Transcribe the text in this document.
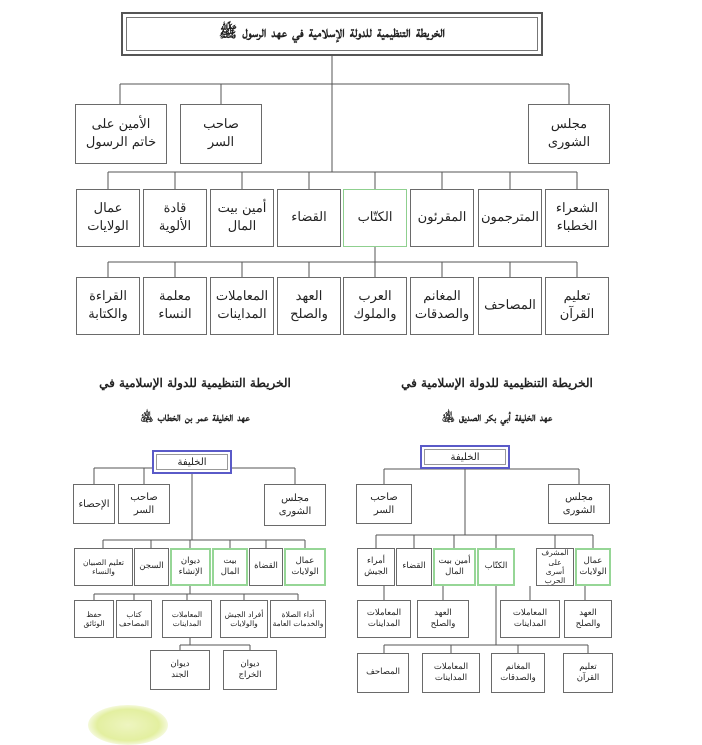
الخريطة التنظيمية للدولة الإسلامية في عهد الرسول ﷺ
مجلس
الشورى
صاحب
السر
الأمين على
خاتم الرسول
الشعراء
الخطباء
المترجمون
المقرئون
الكتّاب
القضاء
أمين بيت
المال
قادة
الألوية
عمال
الولايات
تعليم
القرآن
المصاحف
المغانم
والصدقات
العرب
والملوك
العهد
والصلح
المعاملات
المداينات
معلمة
النساء
القراءة
والكتابة
الخريطة التنظيمية للدولة الإسلامية في
عهد الخليفة أبي بكر الصديق ﵁
الخليفة
مجلس
الشورى
صاحب
السر
عمال
الولايات
المشرف على
أسرى الحرب
الكتّاب
أمين بيت
المال
القضاء
أمراء
الجيش
العهد
والصلح
المعاملات
المداينات
العهد
والصلح
المعاملات
المداينات
تعليم
القرآن
المغانم
والصدقات
المعاملات
المداينات
المصاحف
الخريطة التنظيمية للدولة الإسلامية في
عهد الخليفة عمر بن الخطاب ﵁
الخليفة
مجلس
الشورى
صاحب
السر
الإحصاء
عمال
الولايات
القضاة
بيت
المال
ديوان
الإنشاء
السجن
تعليم الصبيان
والنساء
أداء الصلاة
والخدمات العامة
أفراد الجيش
والولايات
المعاملات
المداينات
كتاب
المصاحف
حفظ
الوثائق
ديوان
الخراج
ديوان
الجند
